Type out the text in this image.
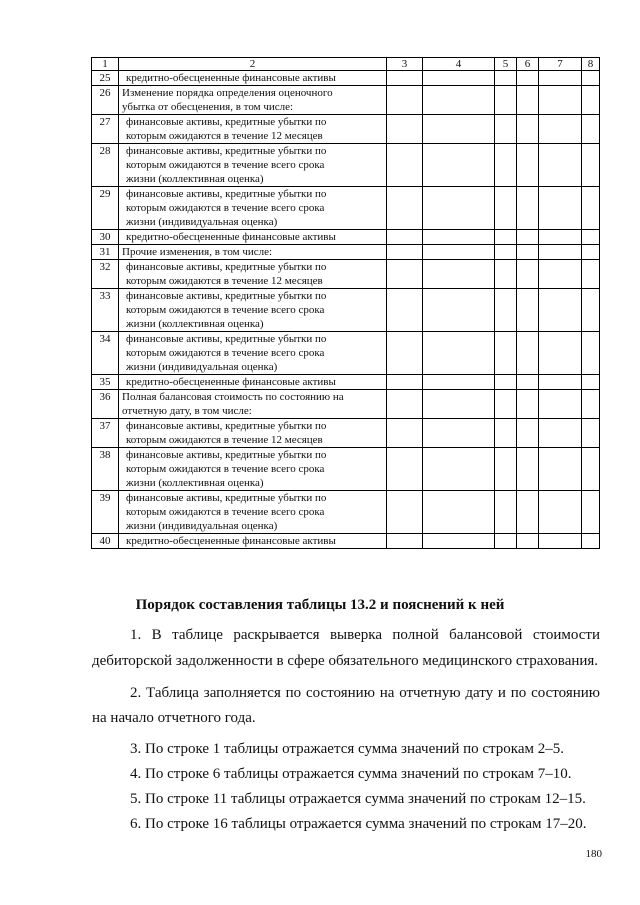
1	2	3	4	5	6	7	8
25	кредитно-обесцененные финансовые активы						

26	Изменение порядка определения оценочного
убытка от обесценения, в том числе:						

27	финансовые активы, кредитные убытки по
которым ожидаются в течение 12 месяцев						

28	финансовые активы, кредитные убытки по
которым ожидаются в течение всего срока
жизни (коллективная оценка)						

29	финансовые активы, кредитные убытки по
которым ожидаются в течение всего срока
жизни (индивидуальная оценка)						

30	кредитно-обесцененные финансовые активы						

31	Прочие изменения, в том числе:						

32	финансовые активы, кредитные убытки по
которым ожидаются в течение 12 месяцев						

33	финансовые активы, кредитные убытки по
которым ожидаются в течение всего срока
жизни (коллективная оценка)						

34	финансовые активы, кредитные убытки по
которым ожидаются в течение всего срока
жизни (индивидуальная оценка)						

35	кредитно-обесцененные финансовые активы						

36	Полная балансовая стоимость по состоянию на
отчетную дату, в том числе:						

37	финансовые активы, кредитные убытки по
которым ожидаются в течение 12 месяцев						

38	финансовые активы, кредитные убытки по
которым ожидаются в течение всего срока
жизни (коллективная оценка)						

39	финансовые активы, кредитные убытки по
которым ожидаются в течение всего срока
жизни (индивидуальная оценка)						

40	кредитно-обесцененные финансовые активы						

Порядок составления таблицы 13.2 и пояснений к ней
1. В таблице раскрывается выверка полной балансовой стоимости
дебиторской задолженности в сфере обязательного медицинского страхования.
2. Таблица заполняется по состоянию на отчетную дату и по состоянию
на начало отчетного года.
3. По строке 1 таблицы отражается сумма значений по строкам 2–5.
4. По строке 6 таблицы отражается сумма значений по строкам 7–10.
5. По строке 11 таблицы отражается сумма значений по строкам 12–15.
6. По строке 16 таблицы отражается сумма значений по строкам 17–20.
180
